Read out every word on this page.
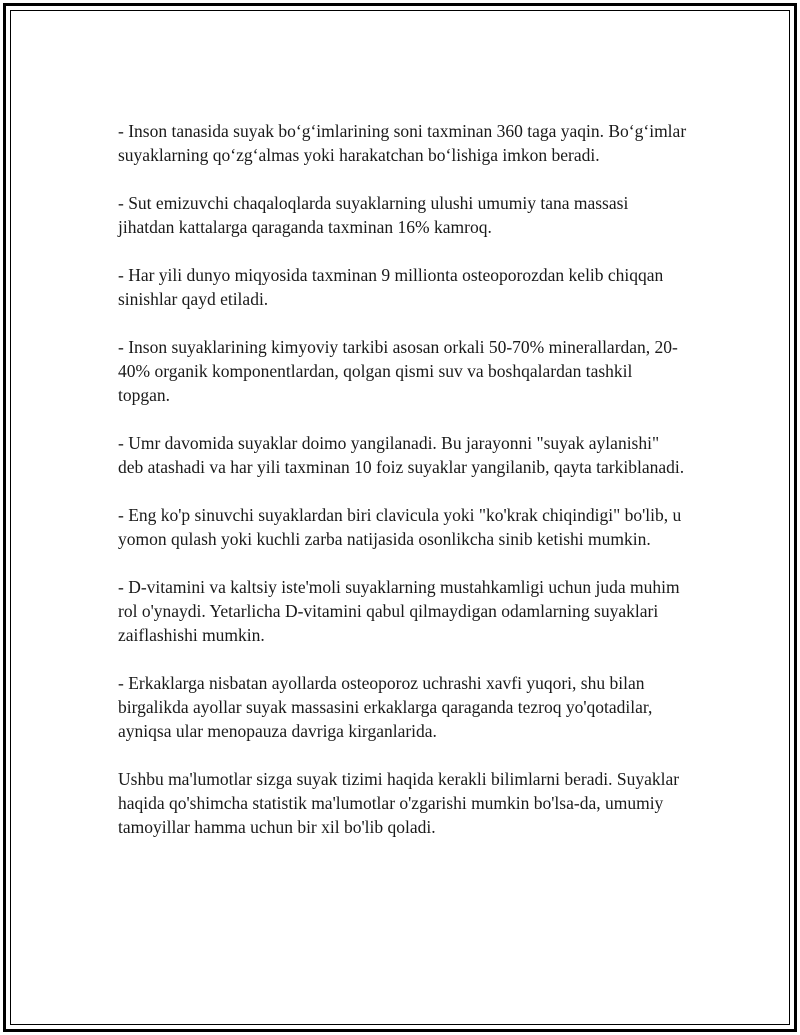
- Inson tanasida suyak bo‘g‘imlarining soni taxminan 360 taga yaqin. Bo‘g‘imlar suyaklarning qo‘zg‘almas yoki harakatchan bo‘lishiga imkon beradi.

- Sut emizuvchi chaqaloqlarda suyaklarning ulushi umumiy tana massasi jihatdan kattalarga qaraganda taxminan 16% kamroq.

- Har yili dunyo miqyosida taxminan 9 millionta osteoporozdan kelib chiqqan sinishlar qayd etiladi.

- Inson suyaklarining kimyoviy tarkibi asosan orkali 50-70% minerallardan, 20-40% organik komponentlardan, qolgan qismi suv va boshqalardan tashkil topgan.

- Umr davomida suyaklar doimo yangilanadi. Bu jarayonni "suyak aylanishi" deb atashadi va har yili taxminan 10 foiz suyaklar yangilanib, qayta tarkiblanadi.

- Eng ko'p sinuvchi suyaklardan biri clavicula yoki "ko'krak chiqindigi" bo'lib, u yomon qulash yoki kuchli zarba natijasida osonlikcha sinib ketishi mumkin.

- D-vitamini va kaltsiy iste'moli suyaklarning mustahkamligi uchun juda muhim rol o'ynaydi. Yetarlicha D-vitamini qabul qilmaydigan odamlarning suyaklari zaiflashishi mumkin.

- Erkaklarga nisbatan ayollarda osteoporoz uchrashi xavfi yuqori, shu bilan birgalikda ayollar suyak massasini erkaklarga qaraganda tezroq yo'qotadilar, ayniqsa ular menopauza davriga kirganlarida.

Ushbu ma'lumotlar sizga suyak tizimi haqida kerakli bilimlarni beradi. Suyaklar haqida qo'shimcha statistik ma'lumotlar o'zgarishi mumkin bo'lsa-da, umumiy tamoyillar hamma uchun bir xil bo'lib qoladi.
